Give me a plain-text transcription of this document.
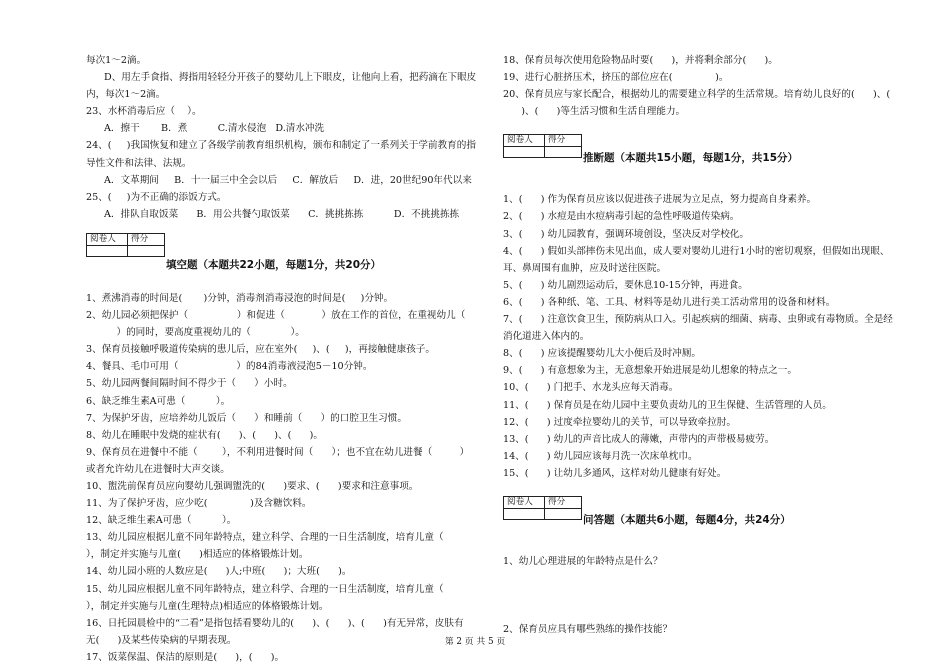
每次1～2滴。
D、用左手食指、拇指用轻轻分开孩子的婴幼儿上下眼皮，让他向上看，把药滴在下眼皮
内，每次1～2滴。
23、水杯消毒后应（    ）。
A．擦干       B．煮          C.清水侵泡   D.清水冲洗
24、(     )我国恢复和建立了各级学前教育组织机构，颁布和制定了一系列关于学前教育的指
导性文件和法律、法规。
A．文革期间     B．十一届三中全会以后     C．解放后     D．进，20世纪90年代以来
25、(     )为不正确的添饭方式。
A．排队自取饭菜      B．用公共餐勺取饭菜      C．挑挑拣拣          D．不挑挑拣拣
阅卷人	得分

填空题（本题共22小题，每题1分，共20分）
1、煮沸消毒的时间是(       )分钟，消毒剂消毒浸泡的时间是(     )分钟。
2、幼儿园必须把保护（                ）和促进（            ）放在工作的首位，在重视幼儿（
）的同时，要高度重视幼儿的（             ）。
3、保育员接触呼吸道传染病的患儿后，应在室外(     )、(     )，再接触健康孩子。
4、餐具、毛巾可用（                   ）的84消毒液浸泡5－10分钟。
5、幼儿园两餐间隔时间不得少于（      ）小时。
6、缺乏维生素A可患（          ）。
7、为保护牙齿，应培养幼儿饭后（      ）和睡前（      ）的口腔卫生习惯。
8、幼儿在睡眠中发烧的症状有(      )、(      )、(      )。
9、保育员在进餐中不能（        ），不利用进餐时间（      ）；也不宜在幼儿进餐（         ）
或者允许幼儿在进餐时大声交谈。
10、盥洗前保育员应向婴幼儿强调盥洗的(      )要求、(      )要求和注意事项。
11、为了保护牙齿，应少吃(              )及含糖饮料。
12、缺乏维生素A可患（          ）。
13、幼儿园应根据儿童不同年龄特点，建立科学、合理的一日生活制度，培育儿童（
），制定并实施与儿童(      )相适应的体格锻炼计划。
14、幼儿园小班的人数应是(      )人;中班(      )；大班(      )。
15、幼儿园应根据儿童不同年龄特点，建立科学、合理的一日生活制度，培育儿童（
），制定并实施与儿童(生理特点)相适应的体格锻炼计划。
16、日托园晨检中的“二看”是指包括看婴幼儿的(      )、(      )、(      )有无异常，皮肤有
无(      )及某些传染病的早期表现。
17、饭菜保温、保洁的原则是(      )，(      )。
18、保育员每次使用危险物品时要(      )，并将剩余部分(      )。
19、进行心脏挤压术，挤压的部位应在(              )。
20、保育员应与家长配合，根据幼儿的需要建立科学的生活常规。培育幼儿良好的(      )、(
)、(      )等生活习惯和生活自理能力。
阅卷人	得分

推断题（本题共15小题，每题1分，共15分）
1、(      ) 作为保育员应该以促进孩子进展为立足点，努力提高自身素养。
2、(      ) 水痘是由水痘病毒引起的急性呼吸道传染病。
3、(      ) 幼儿园教育，强调环境创设，坚决反对学校化。
4、(      ) 假如头部摔伤未见出血，成人要对婴幼儿进行1小时的密切观察，但假如出现眼、
耳、鼻周围有血肿，应及时送往医院。
5、(      ) 幼儿剧烈运动后，要休息10-15分钟，再进食。
6、(      ) 各种纸、笔、工具、材料等是幼儿进行美工活动常用的设备和材料。
7、(      ) 注意饮食卫生，预防病从口入。引起疾病的细菌、病毒、虫卵或有毒物质。全是经
消化道进入体内的。
8、(      ) 应该提醒婴幼儿大小便后及时冲厕。
9、(      ) 有意想象为主，无意想象开始进展是幼儿想象的特点之一。
10、(      ) 门把手、水龙头应每天消毒。
11、(      ) 保育员是在幼儿园中主要负责幼儿的卫生保健、生活管理的人员。
12、(      ) 过度牵拉婴幼儿的关节，可以导致牵拉肘。
13、(      ) 幼儿的声音比成人的薄嫩，声带内的声带极易疲劳。
14、(      ) 幼儿园应该每月洗一次床单枕巾。
15、(      ) 让幼儿多通风，这样对幼儿健康有好处。
阅卷人	得分

问答题（本题共6小题，每题4分，共24分）
1、幼儿心理进展的年龄特点是什么？
2、保育员应具有哪些熟练的操作技能？
第 2 页 共 5 页
